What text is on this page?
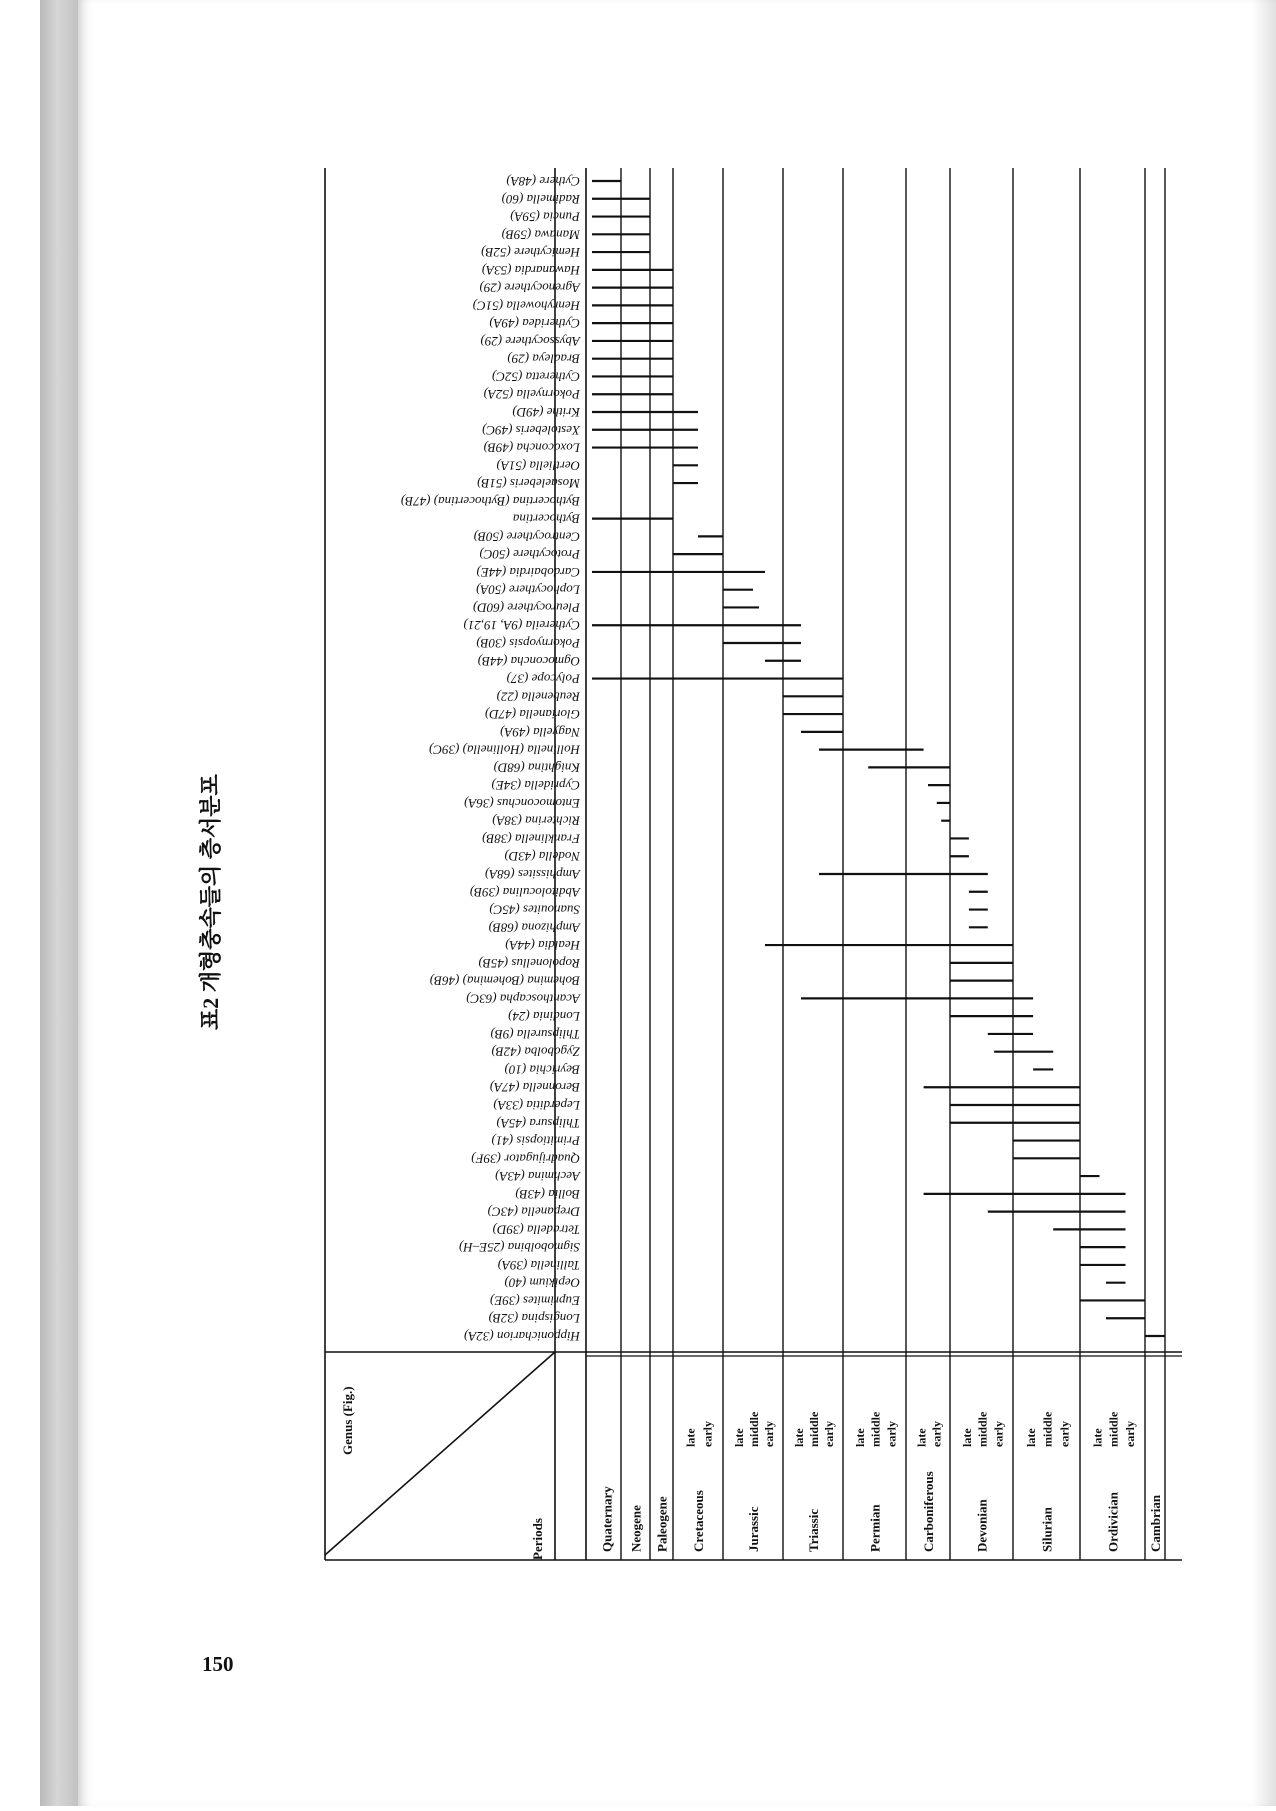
표2 개형충속들의 층서분포
Quaternary Neogene Paleogene Cretaceous
late early
Jurassic
late middle early
Triassic
late middle early
Permian
late middle early
Carboniferous
late early
Devonian
late middle early
Silurian
late middle early
Ordivician
late middle early
Cambrian
Cythere (48A)
Radimella (60)
Puncia (59A)
Manawa (59B)
Hemicythere (52B)
Hawanardia (53A)
Agrenocythere (29)
Henryhowella (51C)
Cytheridea (49A)
Abyssocythere (29)
Bradleya (29)
Cytheretta (52C)
Pokornyella (52A)
Krithe (49D)
Xestoleberis (49C)
Loxoconcha (49B)
Oertliella (51A)
Mosaeleberis (51B)
Bythocertina (Bythocertina) (47B)
Bythocertina
Centrocythere (50B)
Protocythere (50C)
Cardobairdia (44E)
Lophocythere (50A)
Pleurocythere (60D)
Cythereila (9A, 19,21)
Pokornyopsis (30B)
Ogmoconcha (44B)
Polycope (37)
Reubenella (22)
Glorianella (47D)
Nagyella (49A)
Hollinella (Hollinella) (39C)
Knightina (68D)
Cypridella (34E)
Entomoconchus (36A)
Richterina (38A)
Franklinella (38B)
Nodella (43D)
Amphissites (68A)
Abditoloculina (39B)
Suanouites (45C)
Amphizona (68B)
Healdia (44A)
Ropolonellus (45B)
Bohemina (Bohemina) (46B)
Acanthoscapha (63C)
Londinia (24)
Thlipsurella (9B)
Zygobolba (42B)
Beyrichia (10)
Beronnella (47A)
Leperditia (33A)
Thlipsura (45A)
Primitiopsis (41)
Quadrijugator (39F)
Aechmina (43A)
Bollia (43B)
Drepanella (43C)
Tetradella (39D)
Sigmobolbina (25E–H)
Tallinella (39A)
Oepikium (40)
Euprimites (39E)
Longispina (32B)
Hipponicharion (32A)
Genus (Fig.)
Periods
150
